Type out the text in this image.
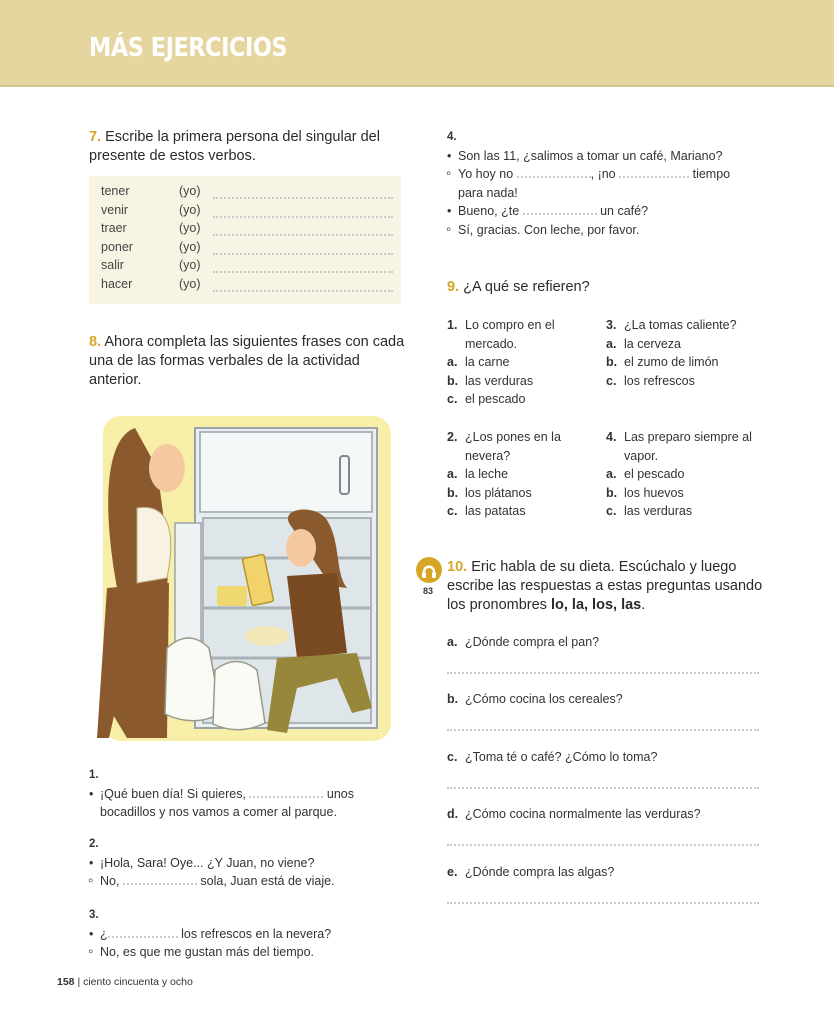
MÁS EJERCICIOS
7. Escribe la primera persona del singular del presente de estos verbos.
tener	(yo)
venir	(yo)
traer	(yo)
poner	(yo)
salir	(yo)
hacer	(yo)
8. Ahora completa las siguientes frases con cada una de las formas verbales de la actividad anterior.
1.
• ¡Qué buen día! Si quieres,	unos bocadillos y nos vamos a comer al parque.
2.
• ¡Hola, Sara! Oye... ¿Y Juan, no viene?
◦ No,	sola, Juan está de viaje.
3.
• ¿	los refrescos en la nevera?
◦ No, es que me gustan más del tiempo.
4.
• Son las 11, ¿salimos a tomar un café, Mariano?
◦ Yo hoy no	, ¡no	tiempo para nada!
• Bueno, ¿te	un café?
◦ Sí, gracias. Con leche, por favor.
9. ¿A qué se refieren?
1. Lo compro en el mercado.
a. la carne
b. las verduras
c. el pescado
2. ¿Los pones en la nevera?
a. la leche
b. los plátanos
c. las patatas
3. ¿La tomas caliente?
a. la cerveza
b. el zumo de limón
c. los refrescos
4. Las preparo siempre al vapor.
a. el pescado
b. los huevos
c. las verduras
83
10. Eric habla de su dieta. Escúchalo y luego escribe las respuestas a estas preguntas usando los pronombres lo, la, los, las.
a. ¿Dónde compra el pan?
b. ¿Cómo cocina los cereales?
c. ¿Toma té o café? ¿Cómo lo toma?
d. ¿Cómo cocina normalmente las verduras?
e. ¿Dónde compra las algas?
158 | ciento cincuenta y ocho
